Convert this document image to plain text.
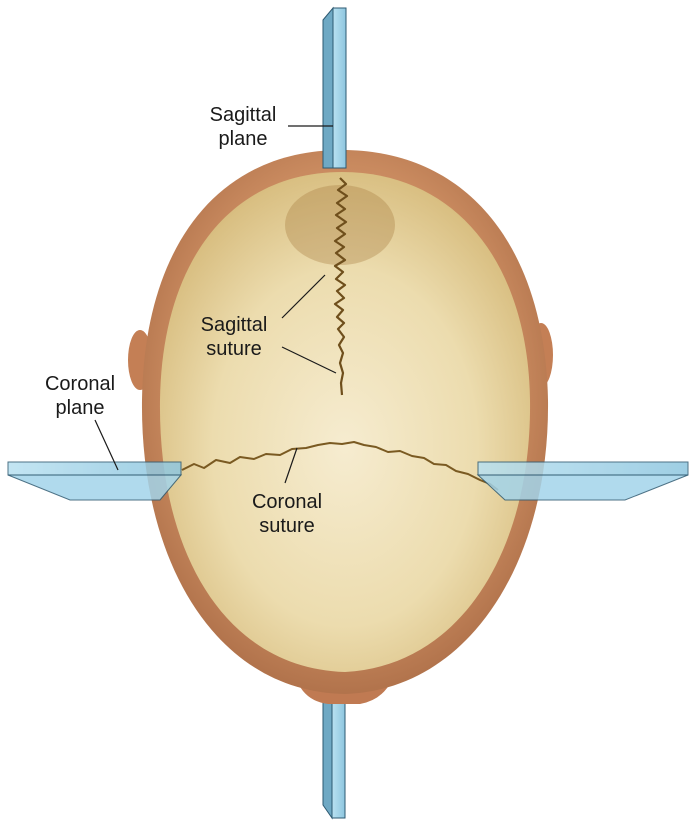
Sagittal
plane
Sagittal
suture
Coronal
plane
Coronal
suture
